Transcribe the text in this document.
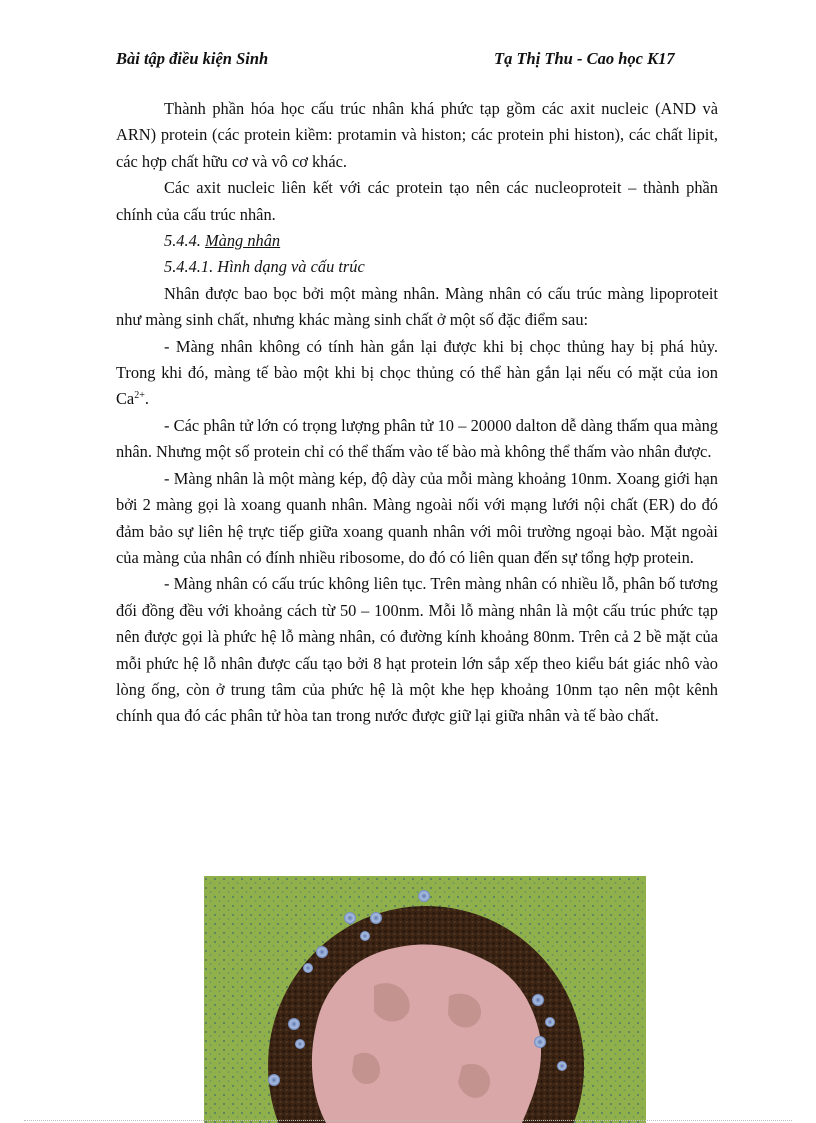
Bài tập điều kiện Sinh	Tạ Thị Thu - Cao học K17

Thành phần hóa học cấu trúc nhân khá phức tạp gồm các axit nucleic (AND và ARN) protein (các protein kiềm: protamin và histon; các protein phi histon), các chất lipit, các hợp chất hữu cơ và vô cơ khác.

Các axit nucleic liên kết với các protein tạo nên các nucleoproteit – thành phần chính của cấu trúc nhân.

5.4.4. Màng nhân

5.4.4.1. Hình dạng và cấu trúc

Nhân được bao bọc bởi một màng nhân. Màng nhân có cấu trúc màng lipoproteit như màng sinh chất, nhưng khác màng sinh chất ở một số đặc điểm sau:

- Màng nhân không có tính hàn gắn lại được khi bị chọc thủng hay bị phá hủy. Trong khi đó, màng tế bào một khi bị chọc thủng có thể hàn gắn lại nếu có mặt của ion $Ca^{2+}$.

- Các phân tử lớn có trọng lượng phân tử 10 – 20000 dalton dễ dàng thấm qua màng nhân. Nhưng một số protein chỉ có thể thấm vào tế bào mà không thể thấm vào nhân được.

- Màng nhân là một màng kép, độ dày của mỗi màng khoảng 10nm. Xoang giới hạn bởi 2 màng gọi là xoang quanh nhân. Màng ngoài nối với mạng lưới nội chất (ER) do đó đảm bảo sự liên hệ trực tiếp giữa xoang quanh nhân với môi trường ngoại bào. Mặt ngoài của màng của nhân có đính nhiều ribosome, do đó có liên quan đến sự tổng hợp protein.

- Màng nhân có cấu trúc không liên tục. Trên màng nhân có nhiều lỗ, phân bố tương đối đồng đều với khoảng cách từ 50 – 100nm. Mỗi lỗ màng nhân là một cấu trúc phức tạp nên được gọi là phức hệ lỗ màng nhân, có đường kính khoảng 80nm. Trên cả 2 bề mặt của mỗi phức hệ lỗ nhân được cấu tạo bởi 8 hạt protein lớn sắp xếp theo kiểu bát giác nhô vào lòng ống, còn ở trung tâm của phức hệ là một khe hẹp khoảng 10nm tạo nên một kênh chính qua đó các phân tử hòa tan trong nước được giữ lại giữa nhân và tế bào chất.
